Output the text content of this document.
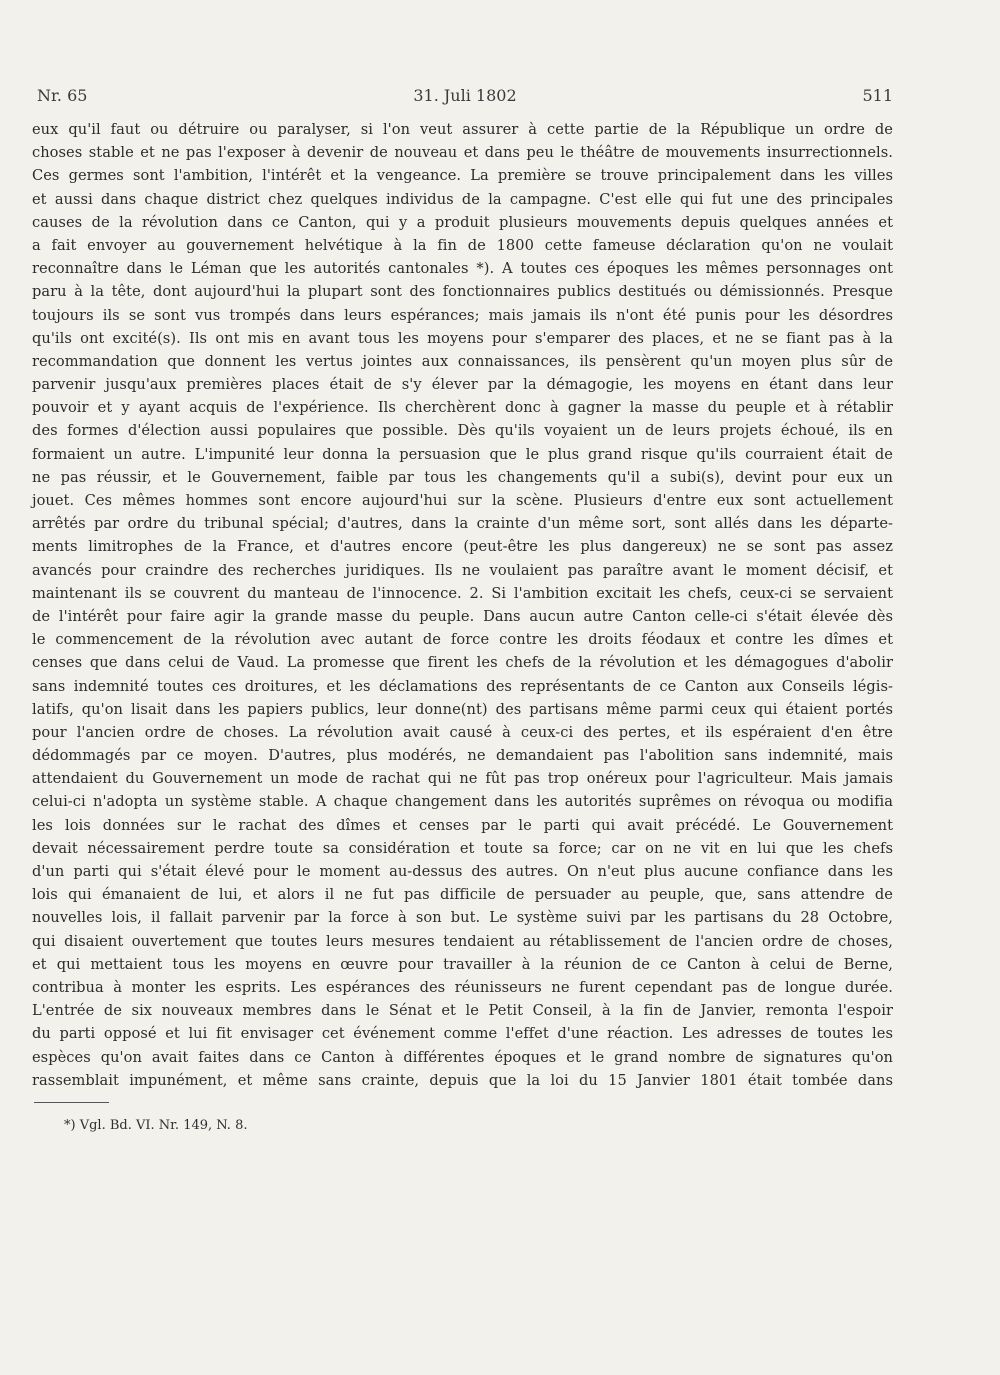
Nr. 65	31. Juli 1802	511
eux qu'il faut ou détruire ou paralyser, si l'on veut assurer à cette partie de la République un ordre de
choses stable et ne pas l'exposer à devenir de nouveau et dans peu le théâtre de mouvements insurrectionnels.
Ces germes sont l'ambition, l'intérêt et la vengeance. La première se trouve principalement dans les villes
et aussi dans chaque district chez quelques individus de la campagne. C'est elle qui fut une des principales
causes de la révolution dans ce Canton, qui y a produit plusieurs mouvements depuis quelques années et
a fait envoyer au gouvernement helvétique à la fin de 1800 cette fameuse déclaration qu'on ne voulait
reconnaître dans le Léman que les autorités cantonales *). A toutes ces époques les mêmes personnages ont
paru à la tête, dont aujourd'hui la plupart sont des fonctionnaires publics destitués ou démissionnés. Presque
toujours ils se sont vus trompés dans leurs espérances; mais jamais ils n'ont été punis pour les désordres
qu'ils ont excité(s). Ils ont mis en avant tous les moyens pour s'emparer des places, et ne se fiant pas à la
recommandation que donnent les vertus jointes aux connaissances, ils pensèrent qu'un moyen plus sûr de
parvenir jusqu'aux premières places était de s'y élever par la démagogie, les moyens en étant dans leur
pouvoir et y ayant acquis de l'expérience. Ils cherchèrent donc à gagner la masse du peuple et à rétablir
des formes d'élection aussi populaires que possible. Dès qu'ils voyaient un de leurs projets échoué, ils en
formaient un autre. L'impunité leur donna la persuasion que le plus grand risque qu'ils courraient était de
ne pas réussir, et le Gouvernement, faible par tous les changements qu'il a subi(s), devint pour eux un
jouet. Ces mêmes hommes sont encore aujourd'hui sur la scène. Plusieurs d'entre eux sont actuellement
arrêtés par ordre du tribunal spécial; d'autres, dans la crainte d'un même sort, sont allés dans les départe-
ments limitrophes de la France, et d'autres encore (peut-être les plus dangereux) ne se sont pas assez
avancés pour craindre des recherches juridiques. Ils ne voulaient pas paraître avant le moment décisif, et
maintenant ils se couvrent du manteau de l'innocence. 2. Si l'ambition excitait les chefs, ceux-ci se servaient
de l'intérêt pour faire agir la grande masse du peuple. Dans aucun autre Canton celle-ci s'était élevée dès
le commencement de la révolution avec autant de force contre les droits féodaux et contre les dîmes et
censes que dans celui de Vaud. La promesse que firent les chefs de la révolution et les démagogues d'abolir
sans indemnité toutes ces droitures, et les déclamations des représentants de ce Canton aux Conseils légis-
latifs, qu'on lisait dans les papiers publics, leur donne(nt) des partisans même parmi ceux qui étaient portés
pour l'ancien ordre de choses. La révolution avait causé à ceux-ci des pertes, et ils espéraient d'en être
dédommagés par ce moyen. D'autres, plus modérés, ne demandaient pas l'abolition sans indemnité, mais
attendaient du Gouvernement un mode de rachat qui ne fût pas trop onéreux pour l'agriculteur. Mais jamais
celui-ci n'adopta un système stable. A chaque changement dans les autorités suprêmes on révoqua ou modifia
les lois données sur le rachat des dîmes et censes par le parti qui avait précédé. Le Gouvernement
devait nécessairement perdre toute sa considération et toute sa force; car on ne vit en lui que les chefs
d'un parti qui s'était élevé pour le moment au-dessus des autres. On n'eut plus aucune confiance dans les
lois qui émanaient de lui, et alors il ne fut pas difficile de persuader au peuple, que, sans attendre de
nouvelles lois, il fallait parvenir par la force à son but. Le système suivi par les partisans du 28 Octobre,
qui disaient ouvertement que toutes leurs mesures tendaient au rétablissement de l'ancien ordre de choses,
et qui mettaient tous les moyens en œuvre pour travailler à la réunion de ce Canton à celui de Berne,
contribua à monter les esprits. Les espérances des réunisseurs ne furent cependant pas de longue durée.
L'entrée de six nouveaux membres dans le Sénat et le Petit Conseil, à la fin de Janvier, remonta l'espoir
du parti opposé et lui fit envisager cet événement comme l'effet d'une réaction. Les adresses de toutes les
espèces qu'on avait faites dans ce Canton à différentes époques et le grand nombre de signatures qu'on
rassemblait impunément, et même sans crainte, depuis que la loi du 15 Janvier 1801 était tombée dans
*) Vgl. Bd. VI. Nr. 149, N. 8.
